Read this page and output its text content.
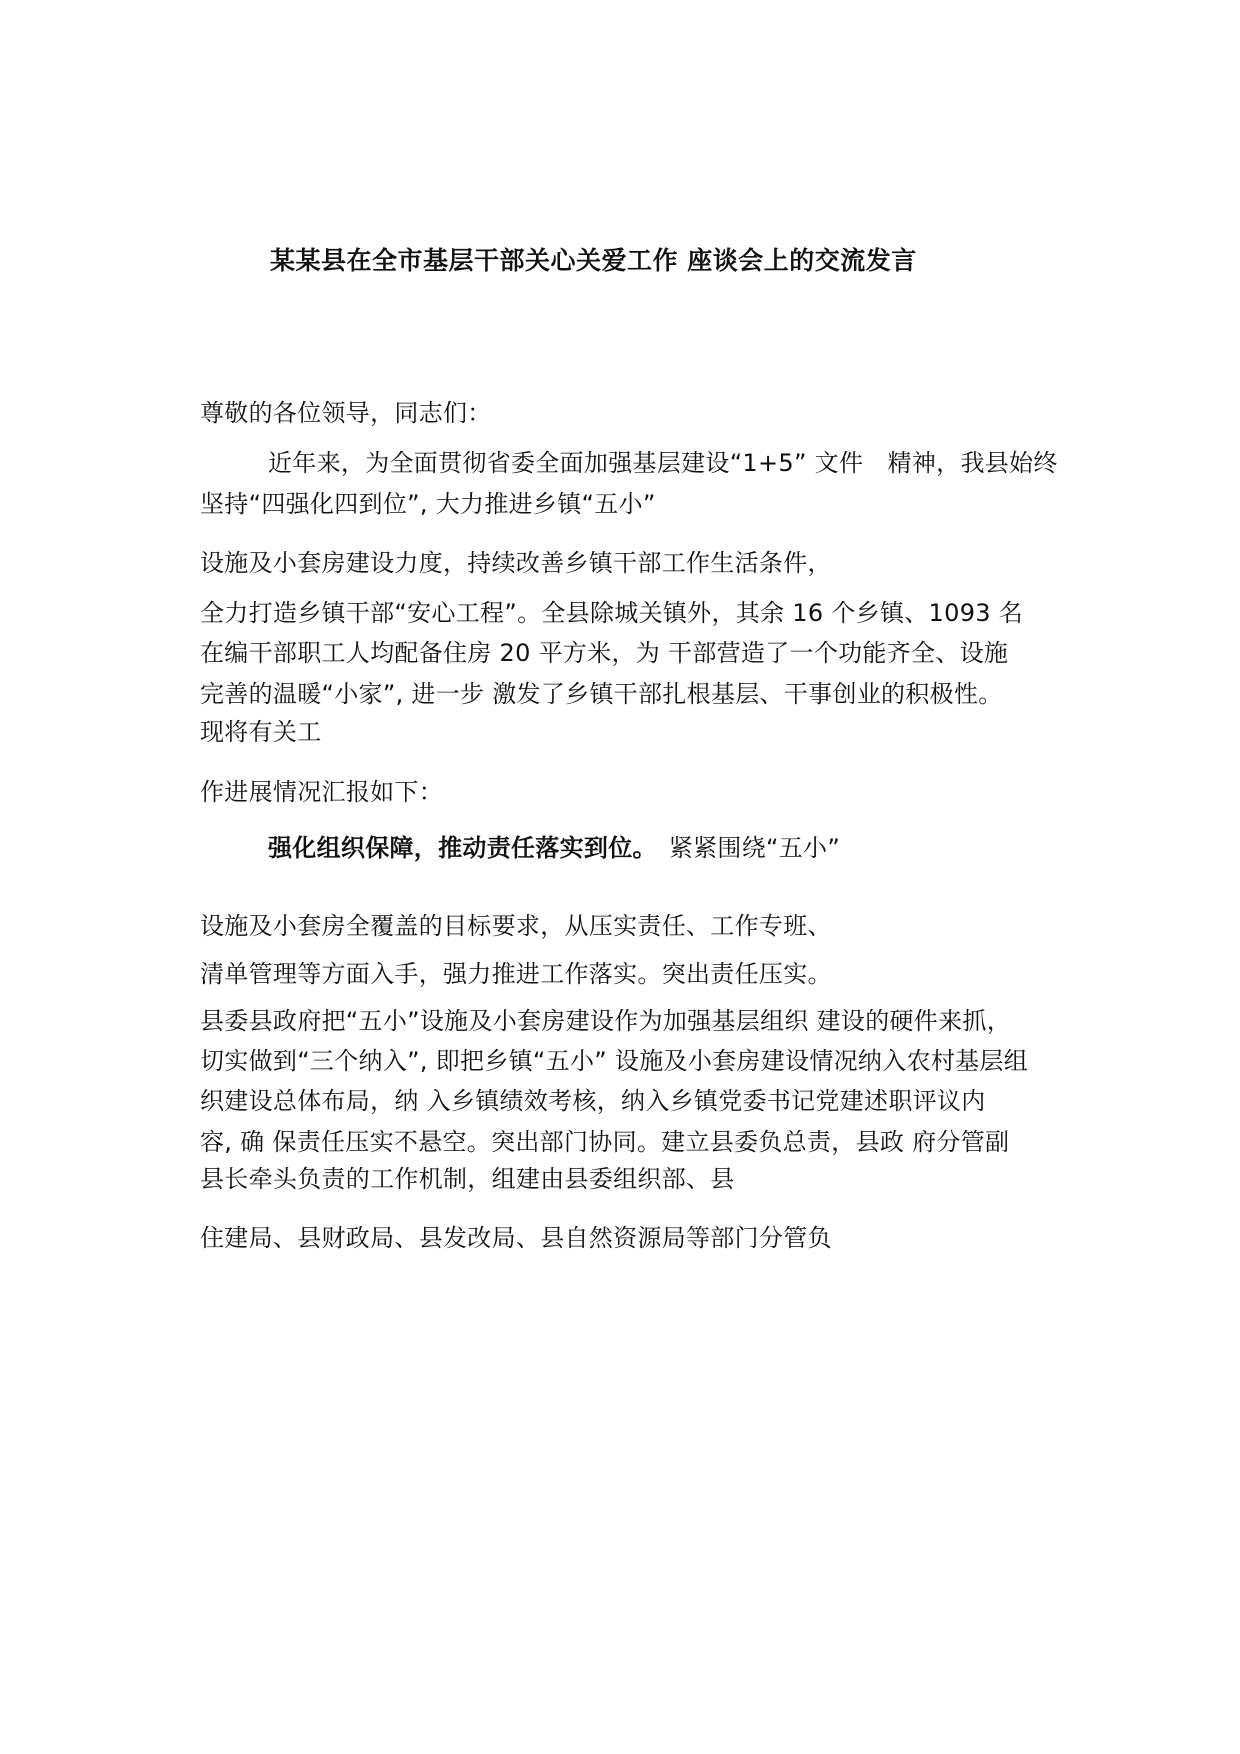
某某县在全市基层干部关心关爱工作 座谈会上的交流发言
尊敬的各位领导，同志们：
近年来，为全面贯彻省委全面加强基层建设“1+5” 文件　精神，我县始终
坚持“四强化四到位”, 大力推进乡镇“五小”
设施及小套房建设力度，持续改善乡镇干部工作生活条件，
全力打造乡镇干部“安心工程”。全县除城关镇外，其余 16 个乡镇、1093 名
在编干部职工人均配备住房 20 平方米，为 干部营造了一个功能齐全、设施
完善的温暖“小家”, 进一步 激发了乡镇干部扎根基层、干事创业的积极性。
现将有关工
作进展情况汇报如下：
强化组织保障，推动责任落实到位。 紧紧围绕“五小”
设施及小套房全覆盖的目标要求，从压实责任、工作专班、
清单管理等方面入手，强力推进工作落实。突出责任压实。
县委县政府把“五小”设施及小套房建设作为加强基层组织 建设的硬件来抓，
切实做到“三个纳入”, 即把乡镇“五小” 设施及小套房建设情况纳入农村基层组
织建设总体布局，纳 入乡镇绩效考核，纳入乡镇党委书记党建述职评议内
容, 确 保责任压实不悬空。突出部门协同。建立县委负总责，县政 府分管副
县长牵头负责的工作机制，组建由县委组织部、县
住建局、县财政局、县发改局、县自然资源局等部门分管负
